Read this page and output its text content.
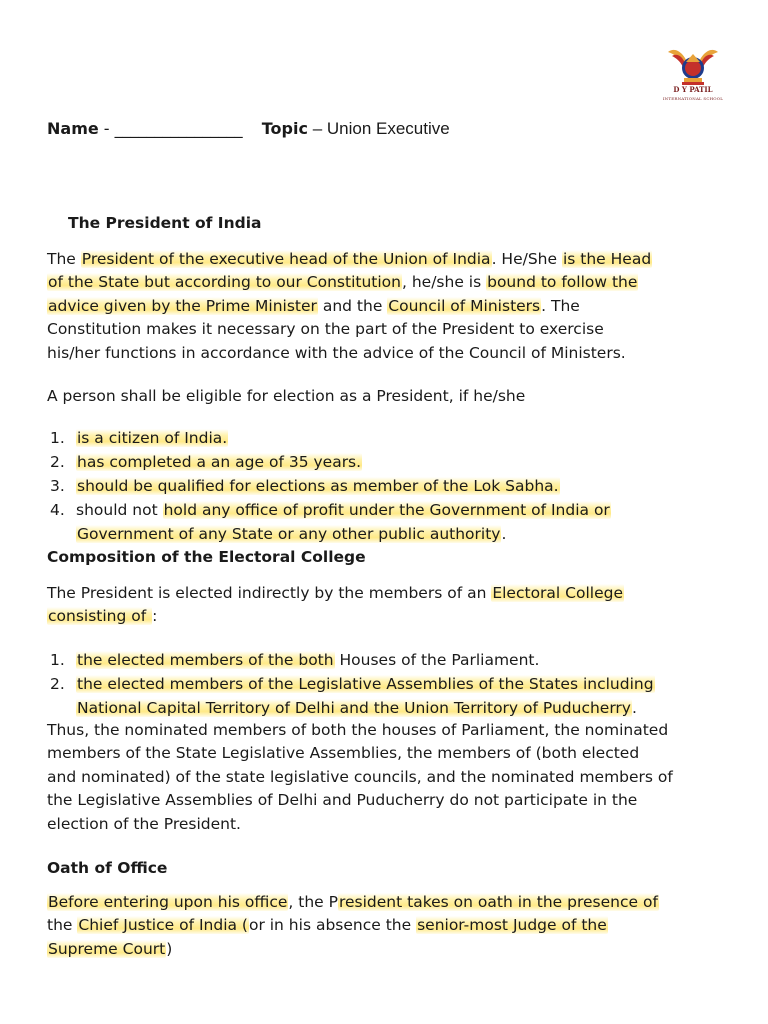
D Y PATIL
INTERNATIONAL SCHOOL
Name - ________________ Topic – Union Executive
The President of India
The President of the executive head of the Union of India. He/She is the Head
of the State but according to our Constitution, he/she is bound to follow the
advice given by the Prime Minister and the Council of Ministers. The
Constitution makes it necessary on the part of the President to exercise
his/her functions in accordance with the advice of the Council of Ministers.
A person shall be eligible for election as a President, if he/she
1. is a citizen of India.
2. has completed a an age of 35 years.
3. should be qualified for elections as member of the Lok Sabha.
4. should not hold any office of profit under the Government of India or
Government of any State or any other public authority.
Composition of the Electoral College
The President is elected indirectly by the members of an Electoral College
consisting of :
1. the elected members of the both Houses of the Parliament.
2. the elected members of the Legislative Assemblies of the States including
National Capital Territory of Delhi and the Union Territory of Puducherry.
Thus, the nominated members of both the houses of Parliament, the nominated
members of the State Legislative Assemblies, the members of (both elected
and nominated) of the state legislative councils, and the nominated members of
the Legislative Assemblies of Delhi and Puducherry do not participate in the
election of the President.
Oath of Office
Before entering upon his office, the President takes on oath in the presence of
the Chief Justice of India (or in his absence the senior-most Judge of the
Supreme Court)
